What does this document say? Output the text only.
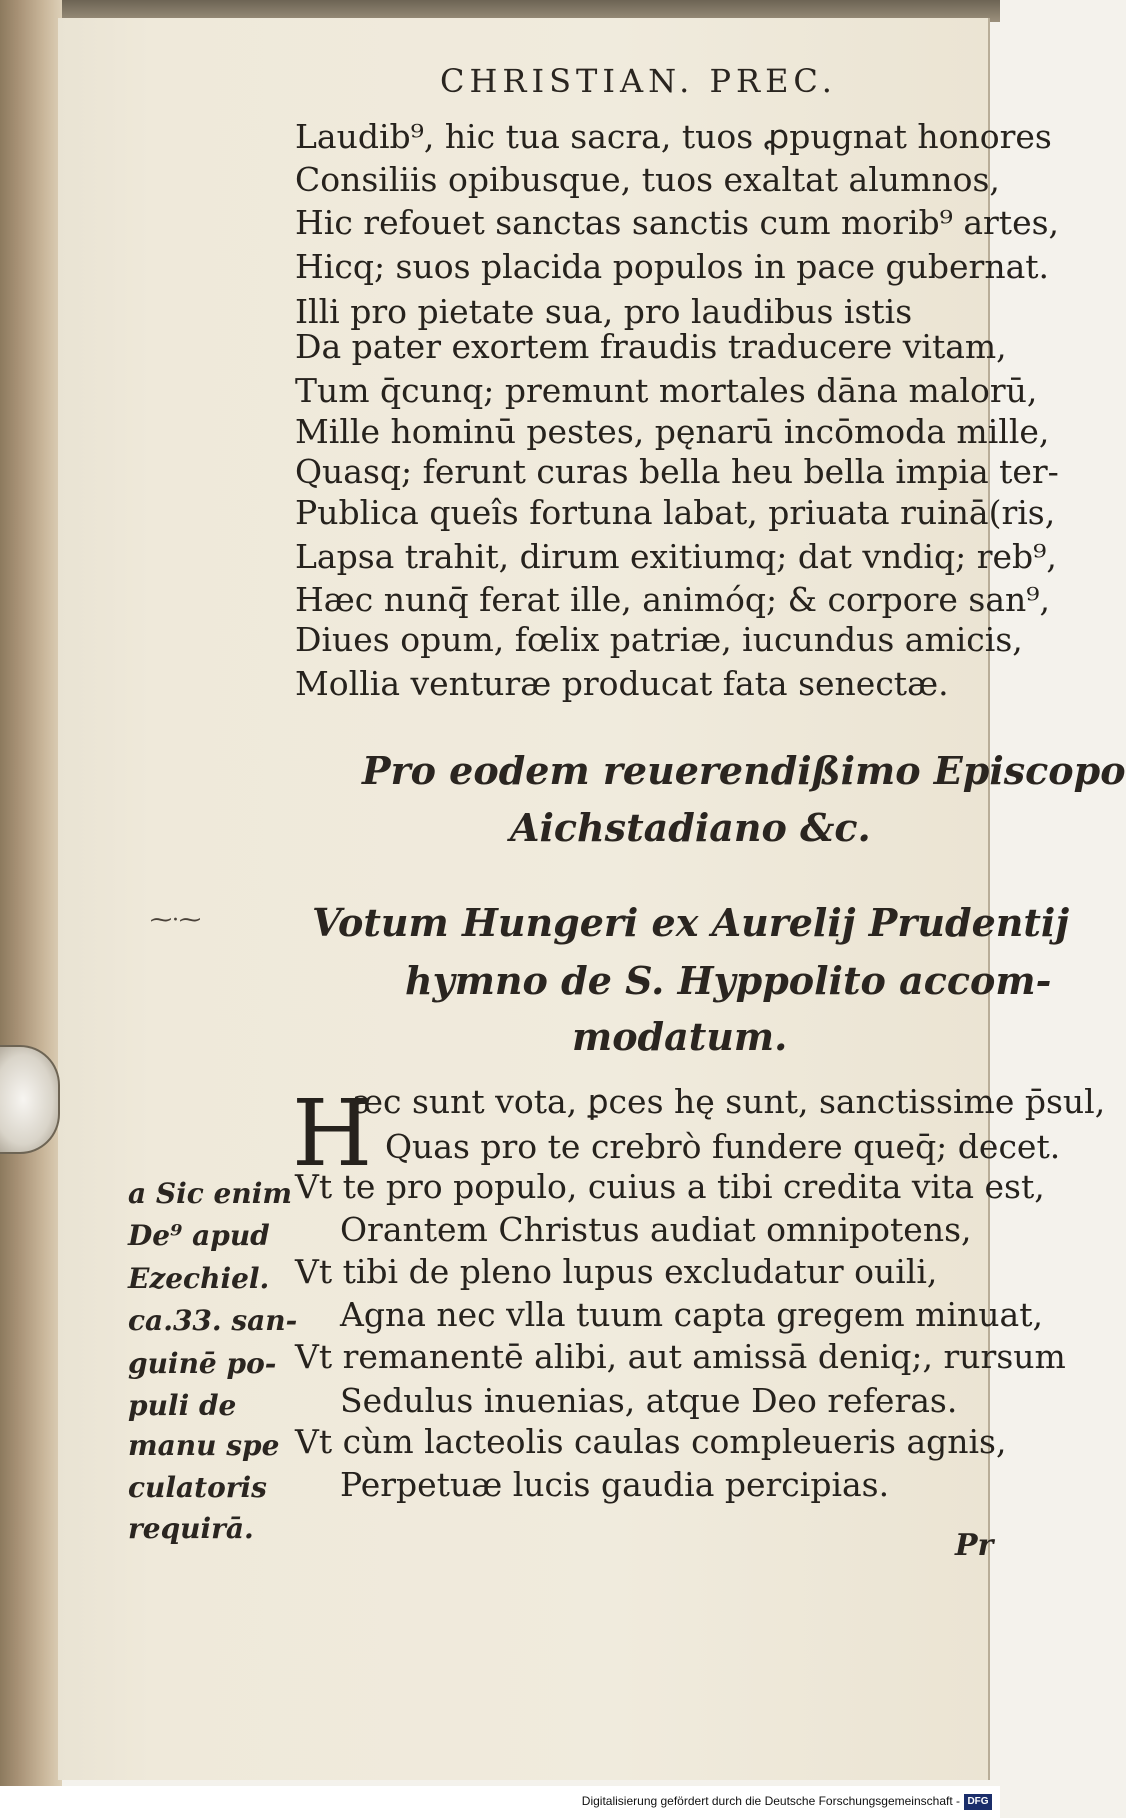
CHRISTIAN. PREC.
Laudib⁹, hic tua sacra, tuos ꝓpugnat honores
Consiliis opibusque, tuos exaltat alumnos,
Hic refouet sanctas sanctis cum morib⁹ artes,
Hicq; suos placida populos in pace gubernat.
Illi pro pietate sua, pro laudibus istis
Da pater exortem fraudis traducere vitam,
Tum q̄cunq; premunt mortales dāna malorū,
Mille hominū pestes, pęnarū incōmoda mille,
Quasq; ferunt curas bella heu bella impia ter-
Publica queîs fortuna labat, priuata ruinā(ris,
Lapsa trahit, dirum exitiumq; dat vndiq; reb⁹,
Hæc nunq̄ ferat ille, animóq; & corpore san⁹,
Diues opum, fœlix patriæ, iucundus amicis,
Mollia venturæ producat fata senectæ.
Pro eodem reuerendißimo Episcopo
Aichstadiano &c.
⁓·⁓	Votum Hungeri ex Aurelij Prudentij
hymno de S. Hyppolito accom-
modatum.
H
æc sunt vota, ꝑces hę sunt, sanctissime p̄sul,
Quas pro te crebrò fundere queq̄; decet.
Vt te pro populo, cuius a tibi credita vita est,
Orantem Christus audiat omnipotens,
Vt tibi de pleno lupus excludatur ouili,
Agna nec vlla tuum capta gregem minuat,
Vt remanentē alibi, aut amissā deniq;, rursum
Sedulus inuenias, atque Deo referas.
Vt cùm lacteolis caulas compleueris agnis,
Perpetuæ lucis gaudia percipias.
a Sic enim
De⁹ apud
Ezechiel.
ca.33. san-
guinē po-
puli de
manu spe
culatoris
requirā.	Pr
Digitalisierung gefördert durch die Deutsche Forschungsgemeinschaft - DFG
